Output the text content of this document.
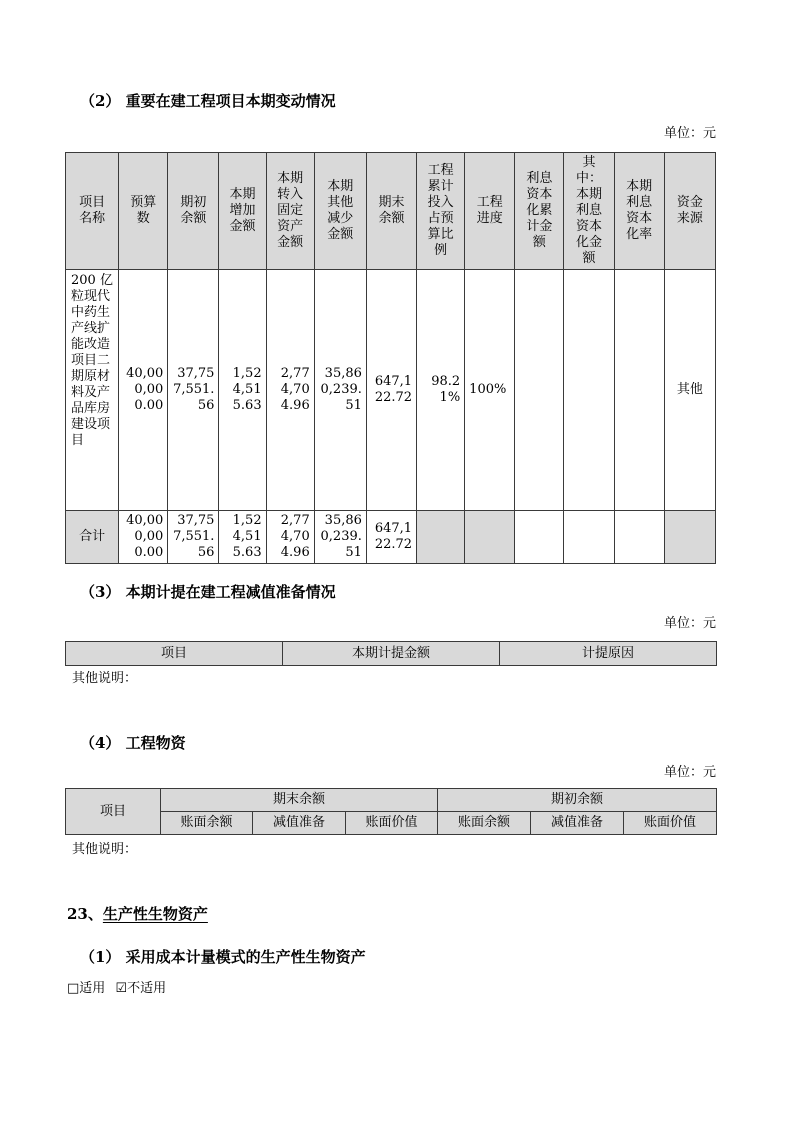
（2） 重要在建工程项目本期变动情况
单位：元
项目名称	预算数	期初余额	本期增加金额	本期转入固定资产金额	本期其他减少金额	期末余额	工程累计投入占预算比例	工程进度	利息资本化累计金额	其中：本期利息资本化金额	本期利息资本化率	资金来源
200 亿粒现代中药生产线扩能改造项目二期原材料及产品库房建设项目	40,000,000.00	37,757,551.56	1,524,515.63	2,774,704.96	35,860,239.51	647,122.72	98.21%	100%				其他
合计	40,000,000.00	37,757,551.56	1,524,515.63	2,774,704.96	35,860,239.51	647,122.72						
（3） 本期计提在建工程减值准备情况
单位：元
项目	本期计提金额	计提原因
其他说明：
（4） 工程物资
单位：元
项目	期末余额			期初余额		
	账面余额	减值准备	账面价值	账面余额	减值准备	账面价值
其他说明：
23、生产性生物资产
（1） 采用成本计量模式的生产性生物资产
□适用 ☑不适用
